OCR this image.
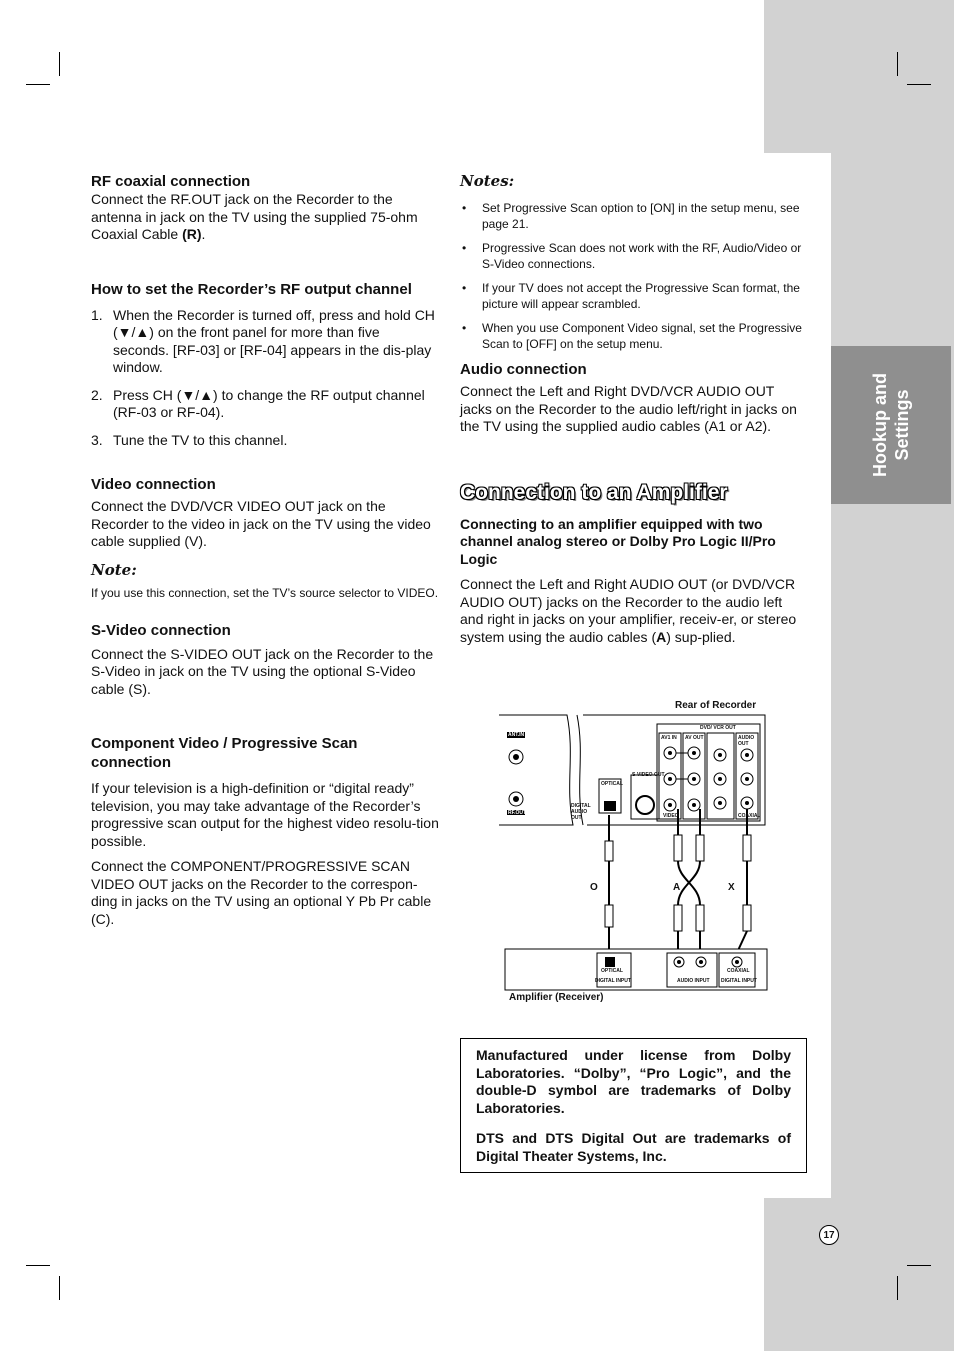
Hookup and Settings
RF coaxial connection

Connect the RF.OUT jack on the Recorder to the antenna in jack on the TV using the supplied 75-ohm Coaxial Cable (R).

How to set the Recorder’s RF output channel
1. When the Recorder is turned off, press and hold CH (▼/▲) on the front panel for more than five seconds. [RF-03] or [RF-04] appears in the dis-play window.
2. Press CH (▼/▲) to change the RF output channel (RF-03 or RF-04).
3. Tune the TV to this channel.
Video connection

Connect the DVD/VCR VIDEO OUT jack on the Recorder to the video in jack on the TV using the video cable supplied (V).

Note:

If you use this connection, set the TV’s source selector to VIDEO.

S-Video connection

Connect the S-VIDEO OUT jack on the Recorder to the S-Video in jack on the TV using the optional S-Video cable (S).

Component Video / Progressive Scan connection

If your television is a high-definition or “digital ready” television, you may take advantage of the Recorder’s progressive scan output for the highest video resolu-tion possible.

Connect the COMPONENT/PROGRESSIVE SCAN VIDEO OUT jacks on the Recorder to the correspon-ding in jacks on the TV using an optional Y Pb Pr cable (C).

Notes:
• Set Progressive Scan option to [ON] in the setup menu, see page 21.
• Progressive Scan does not work with the RF, Audio/Video or S-Video connections.
• If your TV does not accept the Progressive Scan format, the picture will appear scrambled.
• When you use Component Video signal, set the Progressive Scan to [OFF] on the setup menu.
Audio connection

Connect the Left and Right DVD/VCR AUDIO OUT jacks on the Recorder to the audio left/right in jacks on the TV using the supplied audio cables (A1 or A2).

Connection to an Amplifier
Connecting to an amplifier equipped with two channel analog stereo or Dolby Pro Logic II/Pro Logic

Connect the Left and Right AUDIO OUT (or DVD/VCR AUDIO OUT) jacks on the Recorder to the audio left and right in jacks on your amplifier, receiv-er, or stereo system using the audio cables (A) sup-plied.

Rear of Recorder
DVD/ VCR OUT
ANT.IN
RF.OUT
OPTICAL
DIGITAL AUDIO OUT
S-VIDEO OUT
AV1 IN AV OUT	AUDIO OUT
VIDEO	COAXIAL
O	A	X
OPTICAL
DIGITAL INPUT	AUDIO INPUT
COAXIAL
DIGITAL INPUT
Amplifier (Receiver)

Manufactured under license from Dolby Laboratories. “Dolby”, “Pro Logic”, and the double-D symbol are trademarks of Dolby Laboratories.

DTS and DTS Digital Out are trademarks of Digital Theater Systems, Inc.

17
